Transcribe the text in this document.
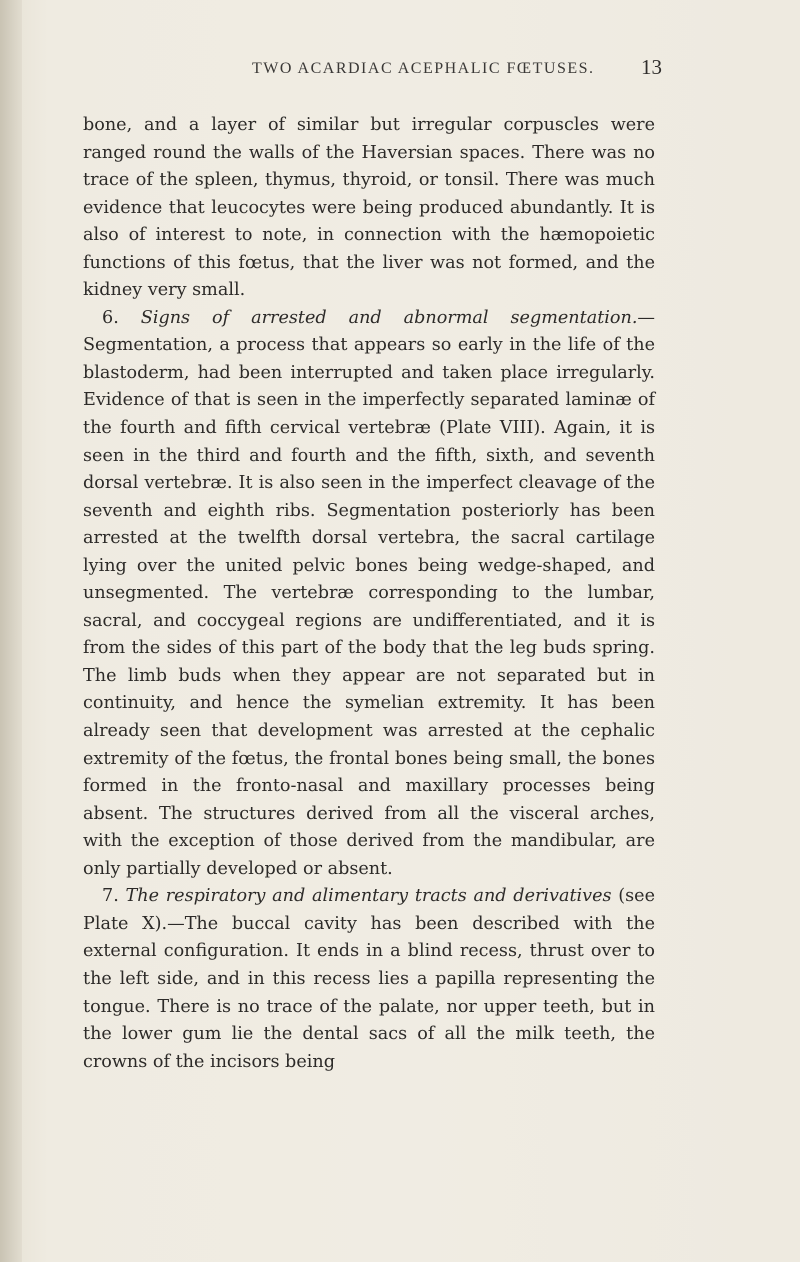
TWO ACARDIAC ACEPHALIC FŒTUSES. 13

bone, and a layer of similar but irregular corpuscles were ranged round the walls of the Haversian spaces. There was no trace of the spleen, thymus, thyroid, or tonsil. There was much evidence that leucocytes were being produced abundantly. It is also of interest to note, in connection with the hæmopoietic functions of this fœtus, that the liver was not formed, and the kidney very small.

6. Signs of arrested and abnormal segmentation.—Segmentation, a process that appears so early in the life of the blastoderm, had been interrupted and taken place irregularly. Evidence of that is seen in the imperfectly separated laminæ of the fourth and fifth cervical vertebræ (Plate VIII). Again, it is seen in the third and fourth and the fifth, sixth, and seventh dorsal vertebræ. It is also seen in the imperfect cleavage of the seventh and eighth ribs. Segmentation posteriorly has been arrested at the twelfth dorsal vertebra, the sacral cartilage lying over the united pelvic bones being wedge-shaped, and unsegmented. The vertebræ corresponding to the lumbar, sacral, and coccygeal regions are undifferentiated, and it is from the sides of this part of the body that the leg buds spring. The limb buds when they appear are not separated but in continuity, and hence the symelian extremity. It has been already seen that development was arrested at the cephalic extremity of the fœtus, the frontal bones being small, the bones formed in the fronto-nasal and maxillary processes being absent. The structures derived from all the visceral arches, with the exception of those derived from the mandibular, are only partially developed or absent.

7. The respiratory and alimentary tracts and derivatives (see Plate X).—The buccal cavity has been described with the external configuration. It ends in a blind recess, thrust over to the left side, and in this recess lies a papilla representing the tongue. There is no trace of the palate, nor upper teeth, but in the lower gum lie the dental sacs of all the milk teeth, the crowns of the incisors being
